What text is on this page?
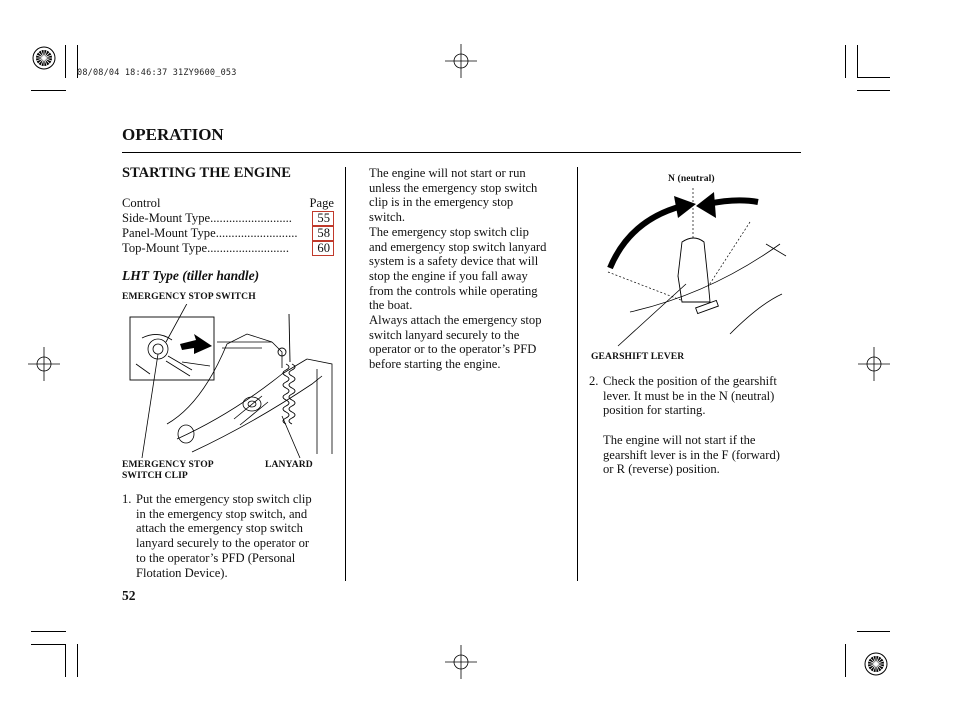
08/08/04 18:46:37 31ZY9600_053
OPERATION
STARTING THE ENGINE
Control	Page
Side-Mount Type ..........................	55
Panel-Mount Type ..........................	58
Top-Mount Type ..........................	60
LHT Type (tiller handle)
EMERGENCY STOP SWITCH
EMERGENCY STOP
SWITCH CLIP
LANYARD
1. Put the emergency stop switch clip
in the emergency stop switch, and
attach the emergency stop switch
lanyard securely to the operator or
to the operator’s PFD (Personal
Flotation Device).
The engine will not start or run
unless the emergency stop switch
clip is in the emergency stop
switch.
The emergency stop switch clip
and emergency stop switch lanyard
system is a safety device that will
stop the engine if you fall away
from the controls while operating
the boat.
Always attach the emergency stop
switch lanyard securely to the
operator or to the operator’s PFD
before starting the engine.
N (neutral)
GEARSHIFT LEVER
2. Check the position of the gearshift
lever. It must be in the N (neutral)
position for starting.
The engine will not start if the
gearshift lever is in the F (forward)
or R (reverse) position.
52
